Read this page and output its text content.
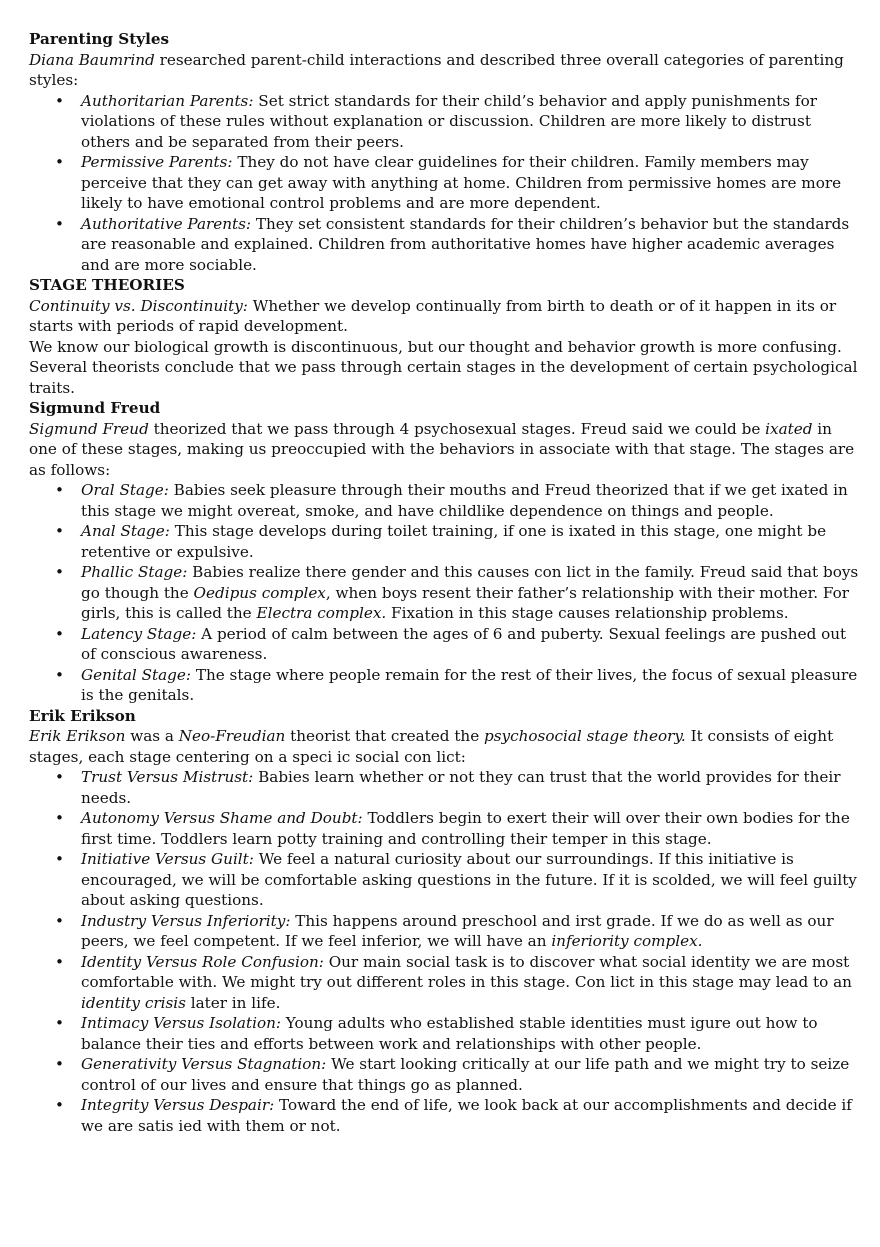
Parenting Styles

Diana Baumrind researched parent-child interactions and described three overall categories of parenting styles:

• Authoritarian Parents: Set strict standards for their child’s behavior and apply punishments for violations of these rules without explanation or discussion. Children are more likely to distrust others and be separated from their peers.
• Permissive Parents: They do not have clear guidelines for their children. Family members may perceive that they can get away with anything at home. Children from permissive homes are more likely to have emotional control problems and are more dependent.
• Authoritative Parents: They set consistent standards for their children’s behavior but the standards are reasonable and explained. Children from authoritative homes have higher academic averages and are more sociable.

STAGE THEORIES

Continuity vs. Discontinuity: Whether we develop continually from birth to death or of it happen in its or starts with periods of rapid development.

We know our biological growth is discontinuous, but our thought and behavior growth is more confusing. Several theorists conclude that we pass through certain stages in the development of certain psychological traits.

Sigmund Freud

Sigmund Freud theorized that we pass through 4 psychosexual stages. Freud said we could be ixated in one of these stages, making us preoccupied with the behaviors in associate with that stage. The stages are as follows:

• Oral Stage: Babies seek pleasure through their mouths and Freud theorized that if we get ixated in this stage we might overeat, smoke, and have childlike dependence on things and people.
• Anal Stage: This stage develops during toilet training, if one is ixated in this stage, one might be retentive or expulsive.
• Phallic Stage: Babies realize there gender and this causes con lict in the family. Freud said that boys go though the Oedipus complex, when boys resent their father’s relationship with their mother. For girls, this is called the Electra complex. Fixation in this stage causes relationship problems.
• Latency Stage: A period of calm between the ages of 6 and puberty. Sexual feelings are pushed out of conscious awareness.
• Genital Stage: The stage where people remain for the rest of their lives, the focus of sexual pleasure is the genitals.

Erik Erikson

Erik Erikson was a Neo-Freudian theorist that created the psychosocial stage theory. It consists of eight stages, each stage centering on a speci ic social con lict:

• Trust Versus Mistrust: Babies learn whether or not they can trust that the world provides for their needs.
• Autonomy Versus Shame and Doubt: Toddlers begin to exert their will over their own bodies for the first time. Toddlers learn potty training and controlling their temper in this stage.
• Initiative Versus Guilt: We feel a natural curiosity about our surroundings. If this initiative is encouraged, we will be comfortable asking questions in the future. If it is scolded, we will feel guilty about asking questions.
• Industry Versus Inferiority: This happens around preschool and irst grade. If we do as well as our peers, we feel competent. If we feel inferior, we will have an inferiority complex.
• Identity Versus Role Confusion: Our main social task is to discover what social identity we are most comfortable with. We might try out different roles in this stage. Con lict in this stage may lead to an identity crisis later in life.
• Intimacy Versus Isolation: Young adults who established stable identities must igure out how to balance their ties and efforts between work and relationships with other people.
• Generativity Versus Stagnation: We start looking critically at our life path and we might try to seize control of our lives and ensure that things go as planned.
• Integrity Versus Despair: Toward the end of life, we look back at our accomplishments and decide if we are satis ied with them or not.
